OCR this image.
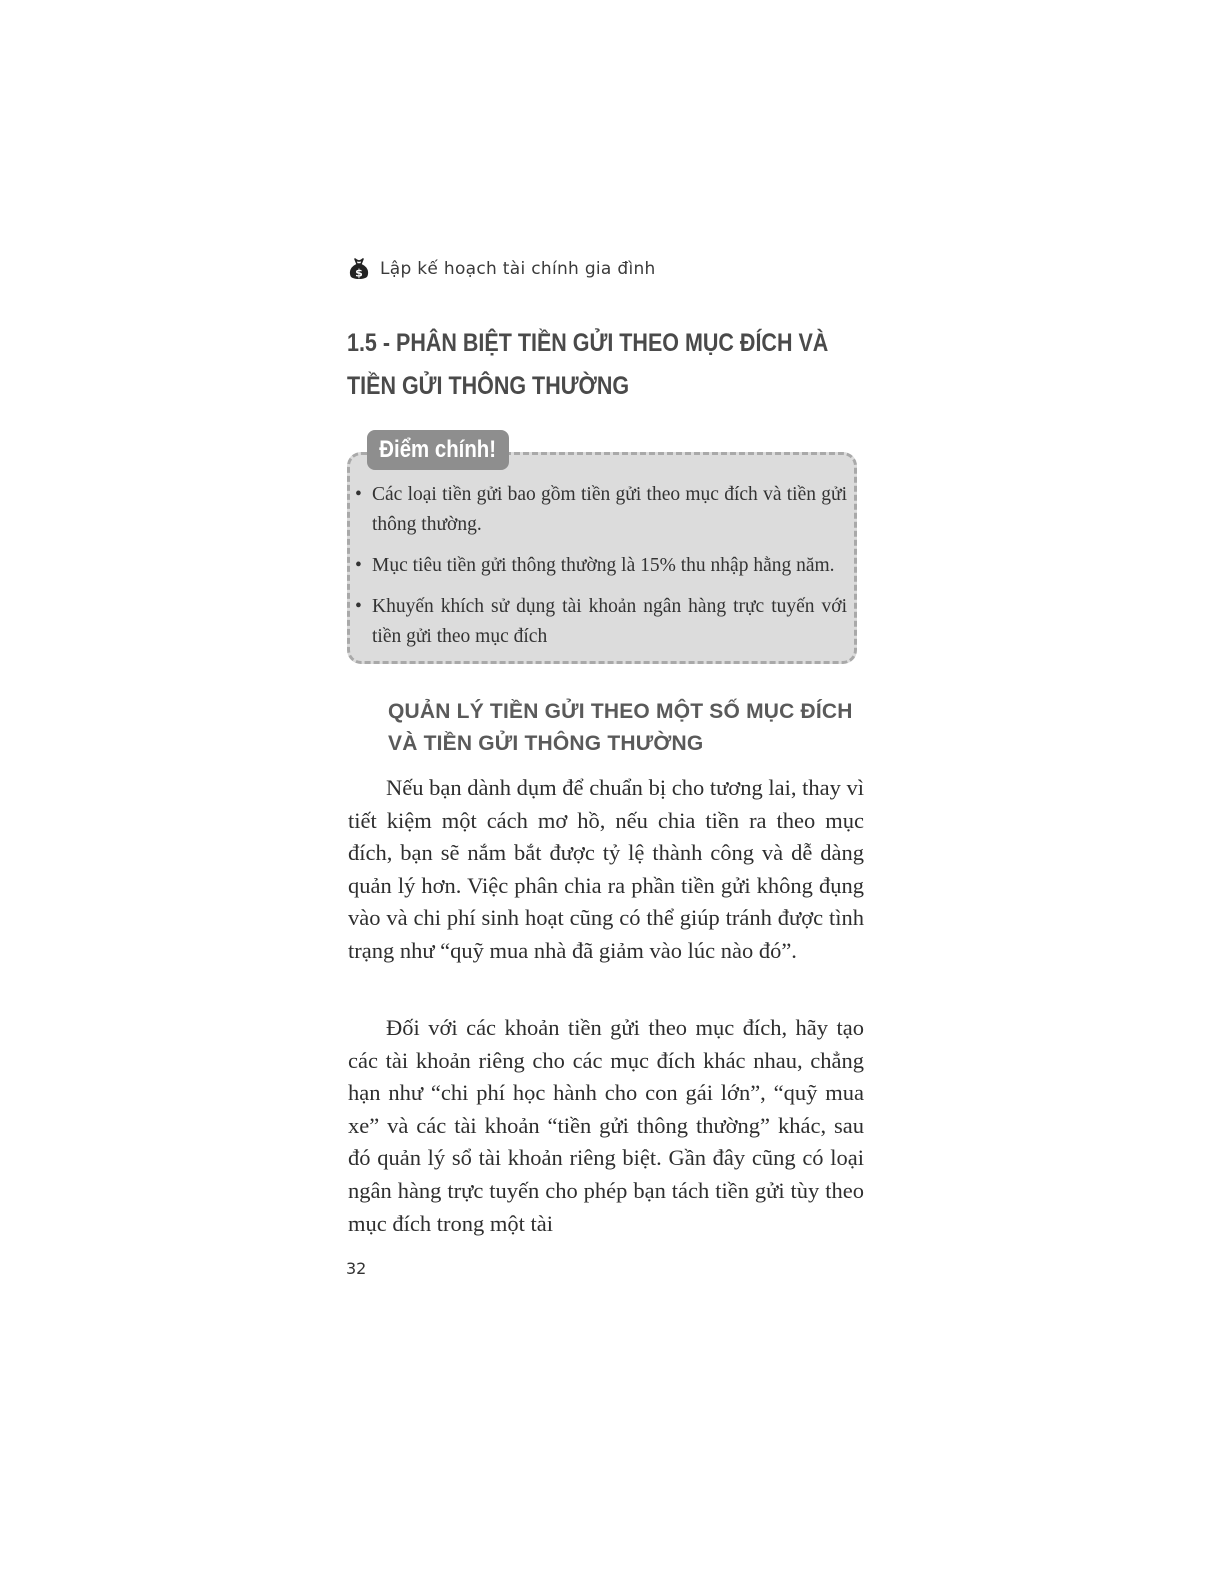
$ Lập kế hoạch tài chính gia đình
1.5 - PHÂN BIỆT TIỀN GỬI THEO MỤC ĐÍCH VÀ TIỀN GỬI THÔNG THƯỜNG
Điểm chính!
• Các loại tiền gửi bao gồm tiền gửi theo mục đích và tiền gửi thông thường.
• Mục tiêu tiền gửi thông thường là 15% thu nhập hằng năm.
• Khuyến khích sử dụng tài khoản ngân hàng trực tuyến với tiền gửi theo mục đích
QUẢN LÝ TIỀN GỬI THEO MỘT SỐ MỤC ĐÍCH VÀ TIỀN GỬI THÔNG THƯỜNG

Nếu bạn dành dụm để chuẩn bị cho tương lai, thay vì tiết kiệm một cách mơ hồ, nếu chia tiền ra theo mục đích, bạn sẽ nắm bắt được tỷ lệ thành công và dễ dàng quản lý hơn. Việc phân chia ra phần tiền gửi không đụng vào và chi phí sinh hoạt cũng có thể giúp tránh được tình trạng như “quỹ mua nhà đã giảm vào lúc nào đó”.

Đối với các khoản tiền gửi theo mục đích, hãy tạo các tài khoản riêng cho các mục đích khác nhau, chẳng hạn như “chi phí học hành cho con gái lớn”, “quỹ mua xe” và các tài khoản “tiền gửi thông thường” khác, sau đó quản lý sổ tài khoản riêng biệt. Gần đây cũng có loại ngân hàng trực tuyến cho phép bạn tách tiền gửi tùy theo mục đích trong một tài

32
